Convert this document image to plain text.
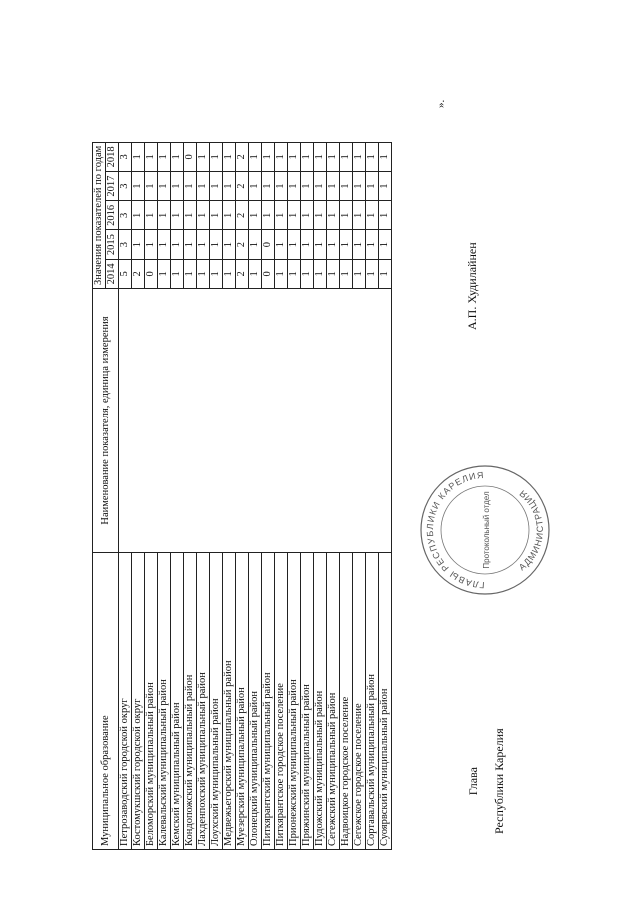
Муниципальное образование	Наименование показателя, единица измерения	Значения показателей по годам				
		2014	2015	2016	2017	2018
Петрозаводский городской округ		5	3	3	3	3
Костомукшский городской округ		2	1	1	1	1
Беломорский муниципальный район		0	1	1	1	1
Калевальский муниципальный район		1	1	1	1	1
Кемский муниципальный район		1	1	1	1	1
Кондопожский муниципальный район		1	1	1	1	0
Лахденпохский муниципальный район		1	1	1	1	1
Лоухский муниципальный район		1	1	1	1	1
Медвежьегорский муниципальный район		1	1	1	1	1
Муезерский муниципальный район		2	2	2	2	2
Олонецкий муниципальный район		1	1	1	1	1
Питкярантский муниципальный район		0	0	1	1	1
Питкярантское городское поселение		1	1	1	1	1
Прионежский муниципальный район		1	1	1	1	1
Пряжинский муниципальный район		1	1	1	1	1
Пудожский муниципальный район		1	1	1	1	1
Сегежский муниципальный район		1	1	1	1	1
Надвоицкое городское поселение		1	1	1	1	1
Сегежское городское поселение		1	1	1	1	1
Сортавальский муниципальный район		1	1	1	1	1
Суоярвский муниципальный район		1	1	1	1	1
».
Глава	Республики Карелия
ГЛАВЫ РЕСПУБЛИКИ КАРЕЛИЯ
АДМИНИСТРАЦИЯ
Протокольный отдел
А.П. Худилайнен
